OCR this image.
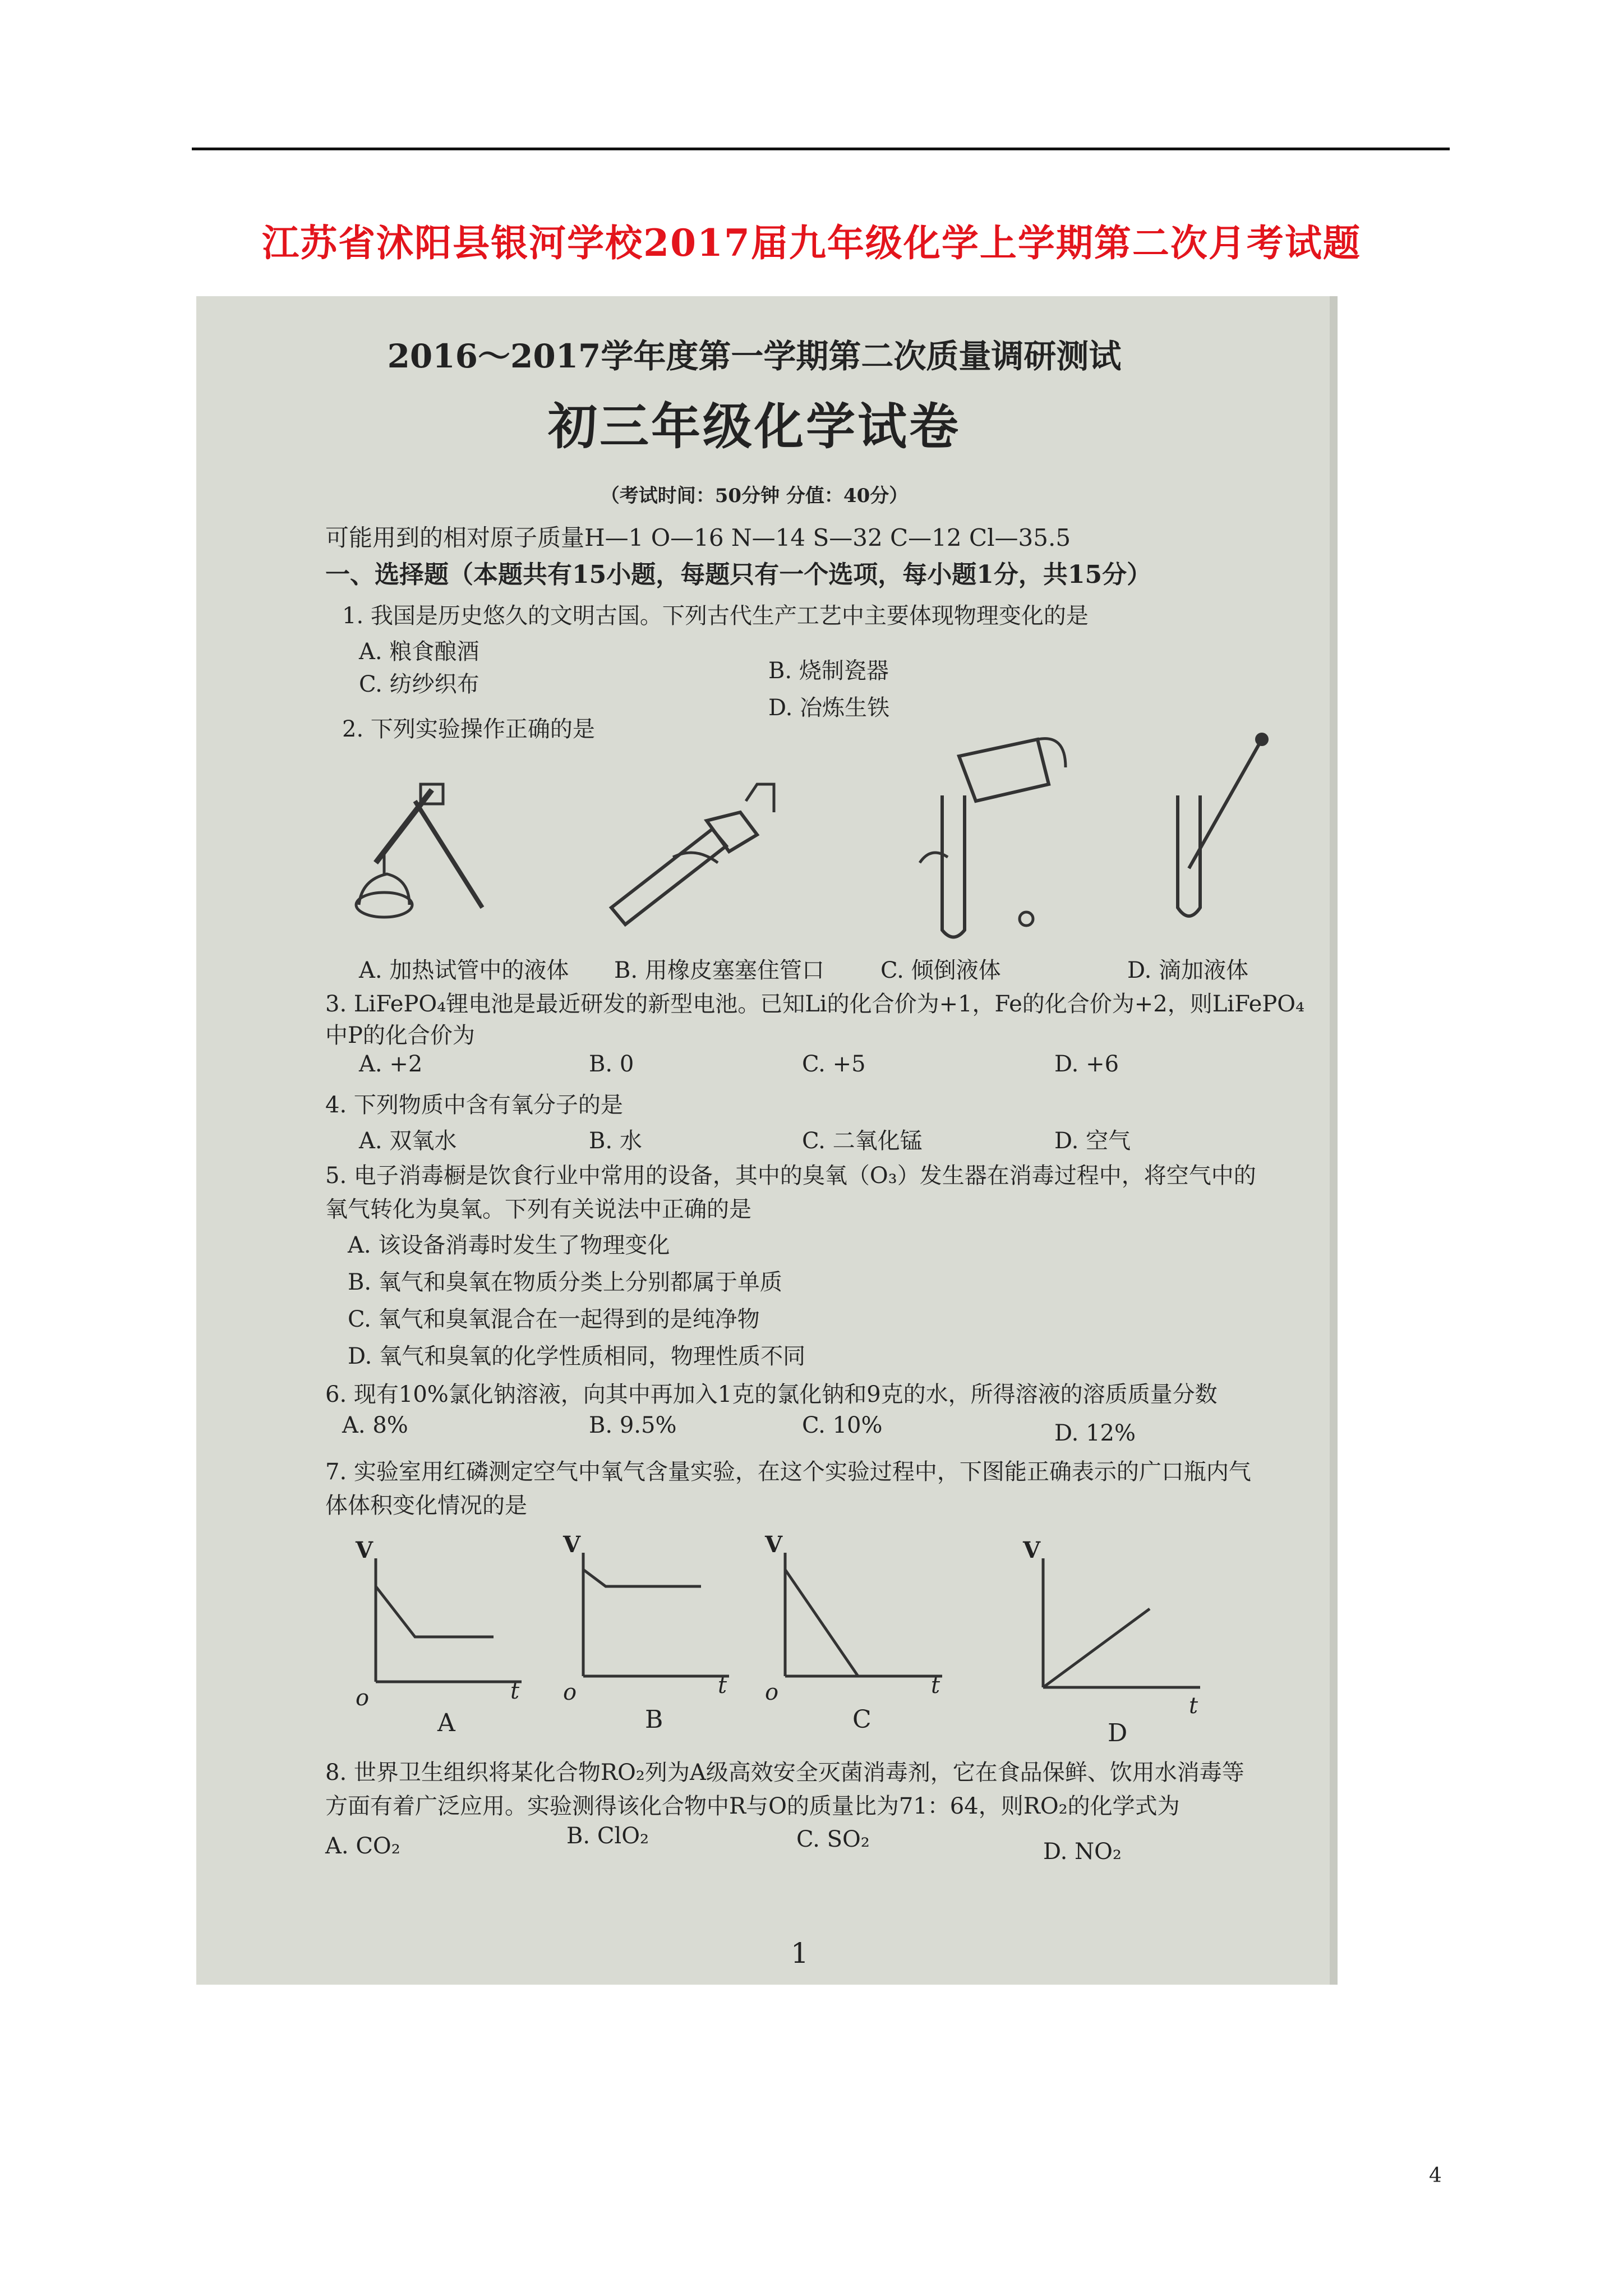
江苏省沭阳县银河学校2017届九年级化学上学期第二次月考试题
2016～2017学年度第一学期第二次质量调研测试
初三年级化学试卷
（考试时间：50分钟 分值：40分）
可能用到的相对原子质量H—1 O—16 N—14 S—32 C—12 Cl—35.5
一、选择题（本题共有15小题，每题只有一个选项，每小题1分，共15分）
1. 我国是历史悠久的文明古国。下列古代生产工艺中主要体现物理变化的是
A. 粮食酿酒
B. 烧制瓷器
C. 纺纱织布
D. 冶炼生铁
2. 下列实验操作正确的是
A. 加热试管中的液体 B. 用橡皮塞塞住管口	C. 倾倒液体	D. 滴加液体
3. LiFePO₄锂电池是最近研发的新型电池。已知Li的化合价为+1，Fe的化合价为+2，则LiFePO₄
中P的化合价为
A. +2	B. 0	C. +5	D. +6
4. 下列物质中含有氧分子的是
A. 双氧水	B. 水	C. 二氧化锰	D. 空气
5. 电子消毒橱是饮食行业中常用的设备，其中的臭氧（O₃）发生器在消毒过程中，将空气中的
氧气转化为臭氧。下列有关说法中正确的是
A. 该设备消毒时发生了物理变化
B. 氧气和臭氧在物质分类上分别都属于单质
C. 氧气和臭氧混合在一起得到的是纯净物
D. 氧气和臭氧的化学性质相同，物理性质不同
6. 现有10%氯化钠溶液，向其中再加入1克的氯化钠和9克的水，所得溶液的溶质质量分数
A. 8%	B. 9.5%	C. 10%	D. 12%
7. 实验室用红磷测定空气中氧气含量实验，在这个实验过程中，下图能正确表示的广口瓶内气
体体积变化情况的是
V
t
o
A
V
t
o
B
V
t
o
C
V
t
D
8. 世界卫生组织将某化合物RO₂列为A级高效安全灭菌消毒剂，它在食品保鲜、饮用水消毒等
方面有着广泛应用。实验测得该化合物中R与O的质量比为71：64，则RO₂的化学式为
A. CO₂	B. ClO₂	C. SO₂	D. NO₂
1
4
